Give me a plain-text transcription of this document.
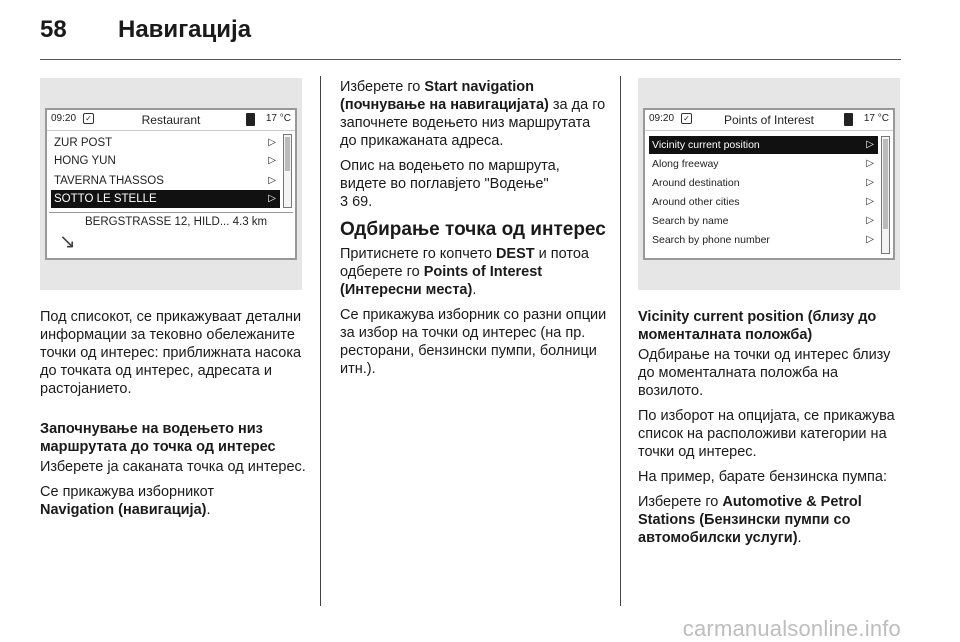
58 Навигација
09:20 ✓	Restaurant	17 °C
ZUR POST	▷
HONG YUN	▷
TAVERNA THASSOS	▷
SOTTO LE STELLE	▷
↘
BERGSTRASSE 12, HILD... 4.3 km

Под списокот, се прикажуваат детални информации за тековно обележаните точки од интерес: приближната насока до точката од интерес, адресата и растојанието.

Започнување на водењето низ маршрутата до точка од интерес

Изберете ја саканата точка од интерес.

Се прикажува изборникот
Navigation (навигација).

Изберете го Start navigation (почнување на навигацијата) за да го започнете водењето низ маршрутата до прикажаната адреса.

Опис на водењето по маршрута, видете во поглавјето "Водење"
3 69.

Одбирање точка од интерес

Притиснете го копчето DEST и потоа одберете го Points of Interest (Интересни места).

Се прикажува изборник со разни опции за избор на точки од интерес (на пр. ресторани, бензински пумпи, болници итн.).

09:20 ✓	Points of Interest	17 °C
Vicinity current position	▷
Along freeway	▷
Around destination	▷
Around other cities	▷
Search by name	▷
Search by phone number	▷

Vicinity current position (близу до моменталната положба)

Одбирање на точки од интерес близу до моменталната положба на возилото.

По изборот на опцијата, се прикажува список на расположиви категории на точки од интерес.

На пример, барате бензинска пумпа:

Изберете го Automotive & Petrol Stations (Бензински пумпи со автомобилски услуги).

carmanualsonline.info
